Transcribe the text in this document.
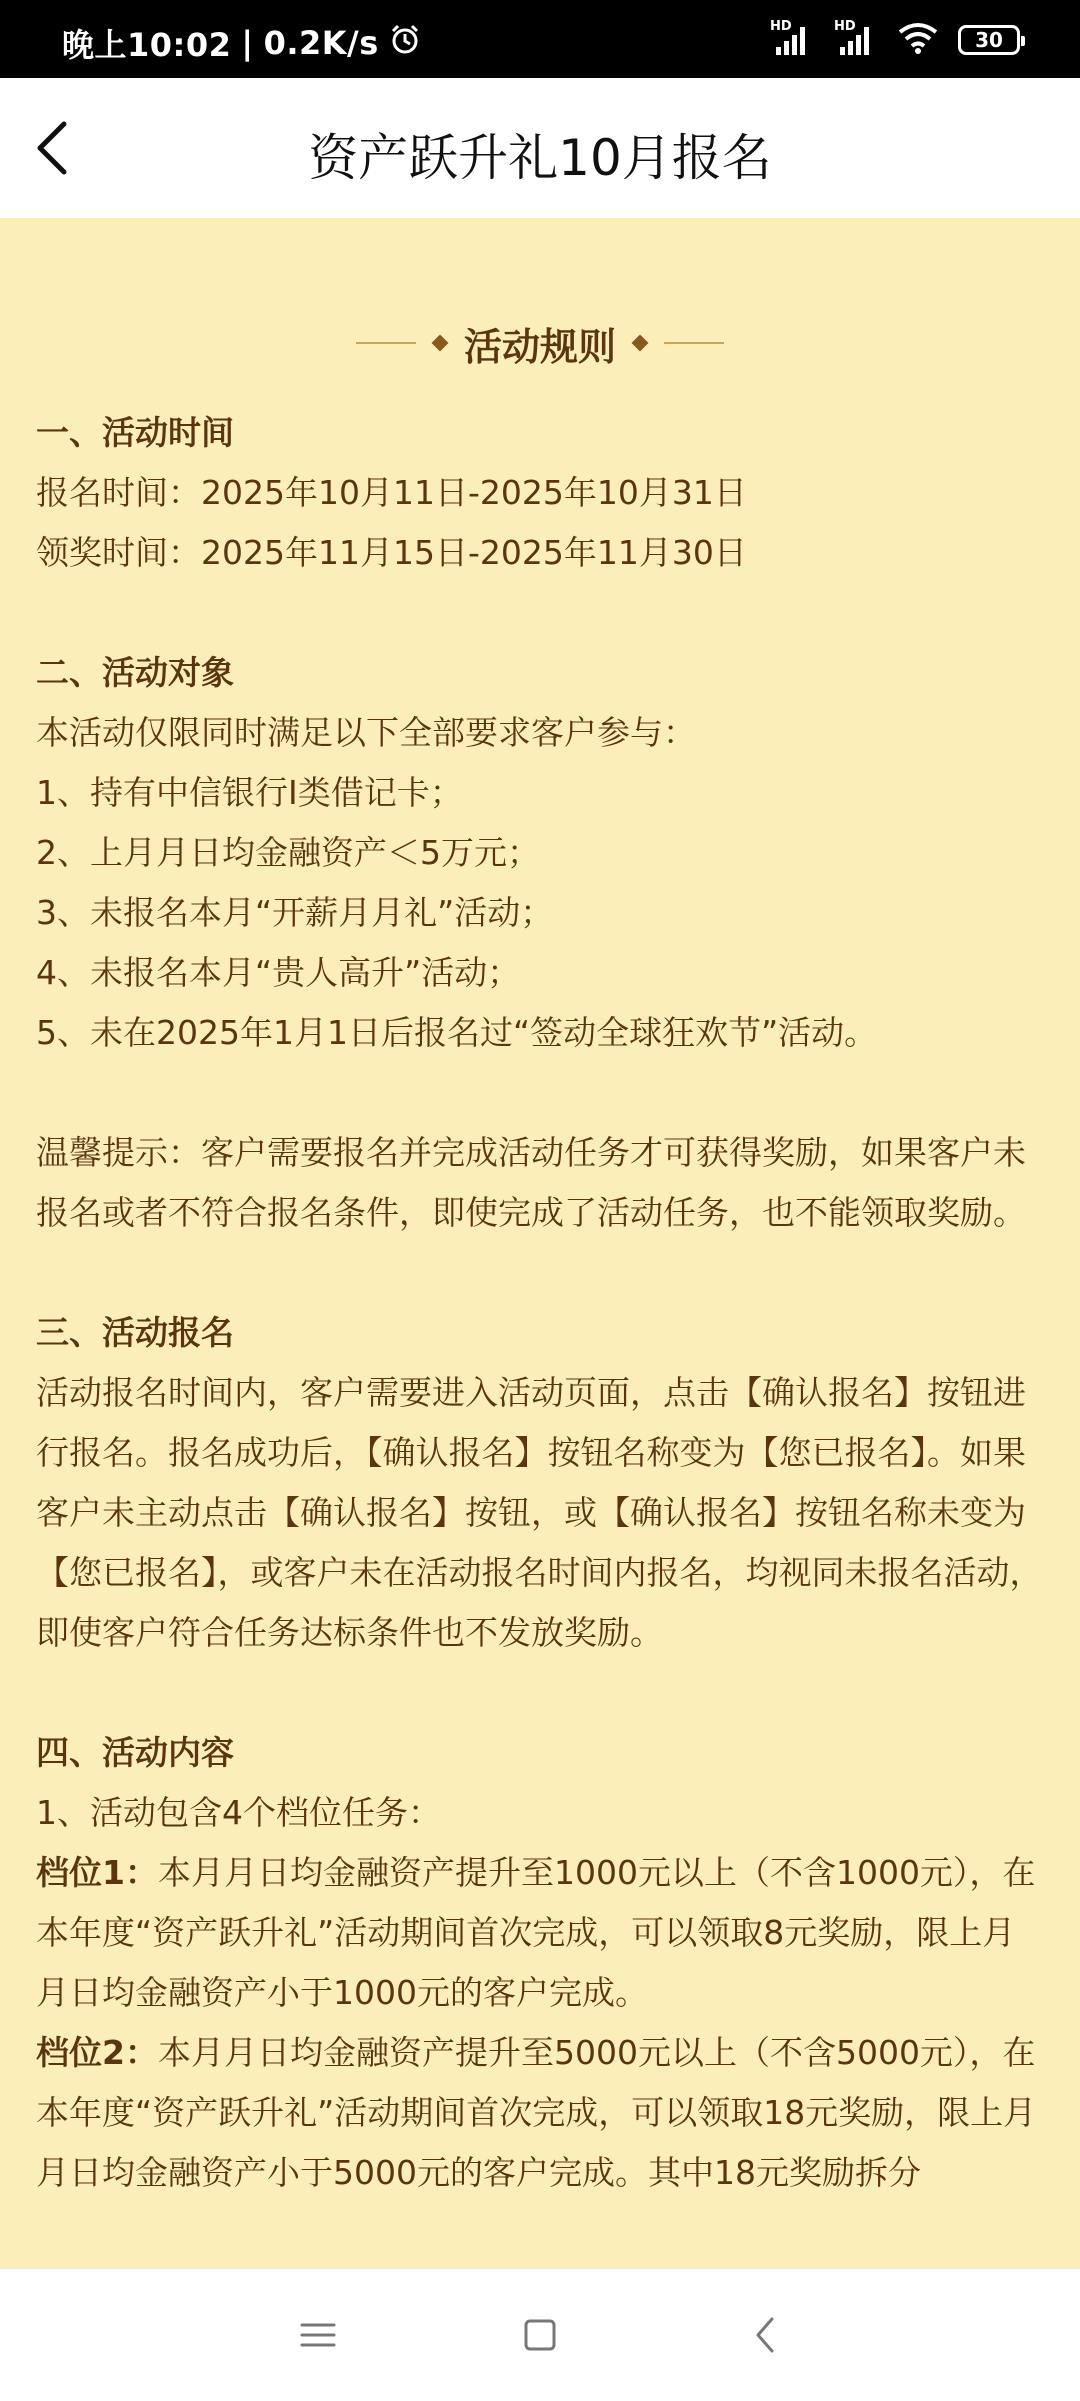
晚上10:02 | 0.2K/s	HD	HD
30
资产跃升礼10月报名
活动规则

一、活动时间

报名时间：2025年10月11日-2025年10月31日

领奖时间：2025年11月15日-2025年11月30日

二、活动对象

本活动仅限同时满足以下全部要求客户参与：

1、持有中信银行I类借记卡；

2、上月月日均金融资产＜5万元；

3、未报名本月“开薪月月礼”活动；

4、未报名本月“贵人高升”活动；

5、未在2025年1月1日后报名过“签动全球狂欢节”活动。

温馨提示：客户需要报名并完成活动任务才可获得奖励，如果客户未报名或者不符合报名条件，即使完成了活动任务，也不能领取奖励。

三、活动报名

活动报名时间内，客户需要进入活动页面，点击【确认报名】按钮进行报名。报名成功后，【确认报名】按钮名称变为【您已报名】。如果客户未主动点击【确认报名】按钮，或【确认报名】按钮名称未变为【您已报名】，或客户未在活动报名时间内报名，均视同未报名活动，即使客户符合任务达标条件也不发放奖励。

四、活动内容

1、活动包含4个档位任务：

档位1：本月月日均金融资产提升至1000元以上（不含1000元），在本年度“资产跃升礼”活动期间首次完成，可以领取8元奖励，限上月月日均金融资产小于1000元的客户完成。

档位2：本月月日均金融资产提升至5000元以上（不含5000元），在本年度“资产跃升礼”活动期间首次完成，可以领取18元奖励，限上月月日均金融资产小于5000元的客户完成。其中18元奖励拆分
